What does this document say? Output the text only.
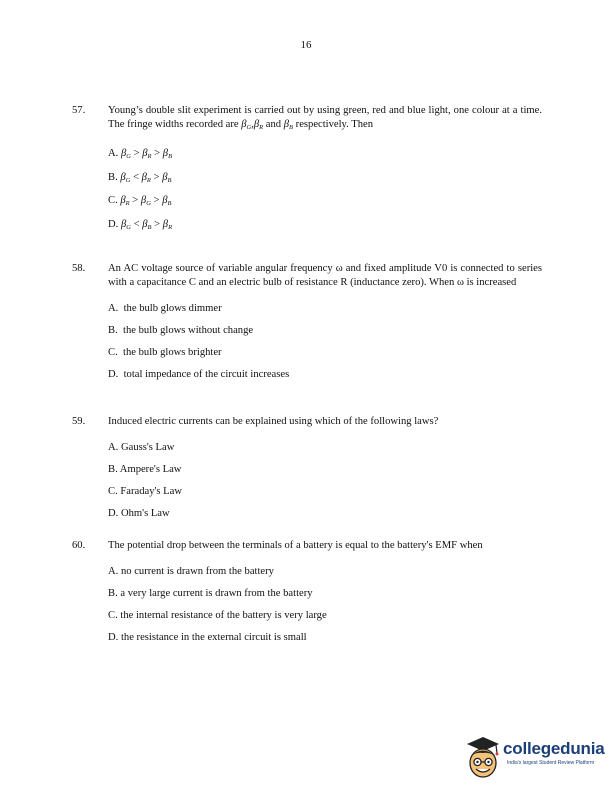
16
57.	Young’s double slit experiment is carried out by using green, red and blue light, one colour at a time. The fringe widths recorded are $\beta_G,\beta_R$ and $\beta_B$ respectively. Then
A. $\beta_G > \beta_R > \beta_B$
B. $\beta_G < \beta_R > \beta_B$
C. $\beta_R > \beta_G > \beta_B$
D. $\beta_G < \beta_B > \beta_R$
58.	An AC voltage source of variable angular frequency ω and fixed amplitude V0 is connected to series with a capacitance C and an electric bulb of resistance R (inductance zero). When ω is increased
A. the bulb glows dimmer
B. the bulb glows without change
C. the bulb glows brighter
D. total impedance of the circuit increases
59.	Induced electric currents can be explained using which of the following laws?
A. Gauss's Law
B. Ampere's Law
C. Faraday's Law
D. Ohm's Law
60.	The potential drop between the terminals of a battery is equal to the battery's EMF when
A. no current is drawn from the battery
B. a very large current is drawn from the battery
C. the internal resistance of the battery is very large
D. the resistance in the external circuit is small
collegedunia
India's largest Student Review Platform
